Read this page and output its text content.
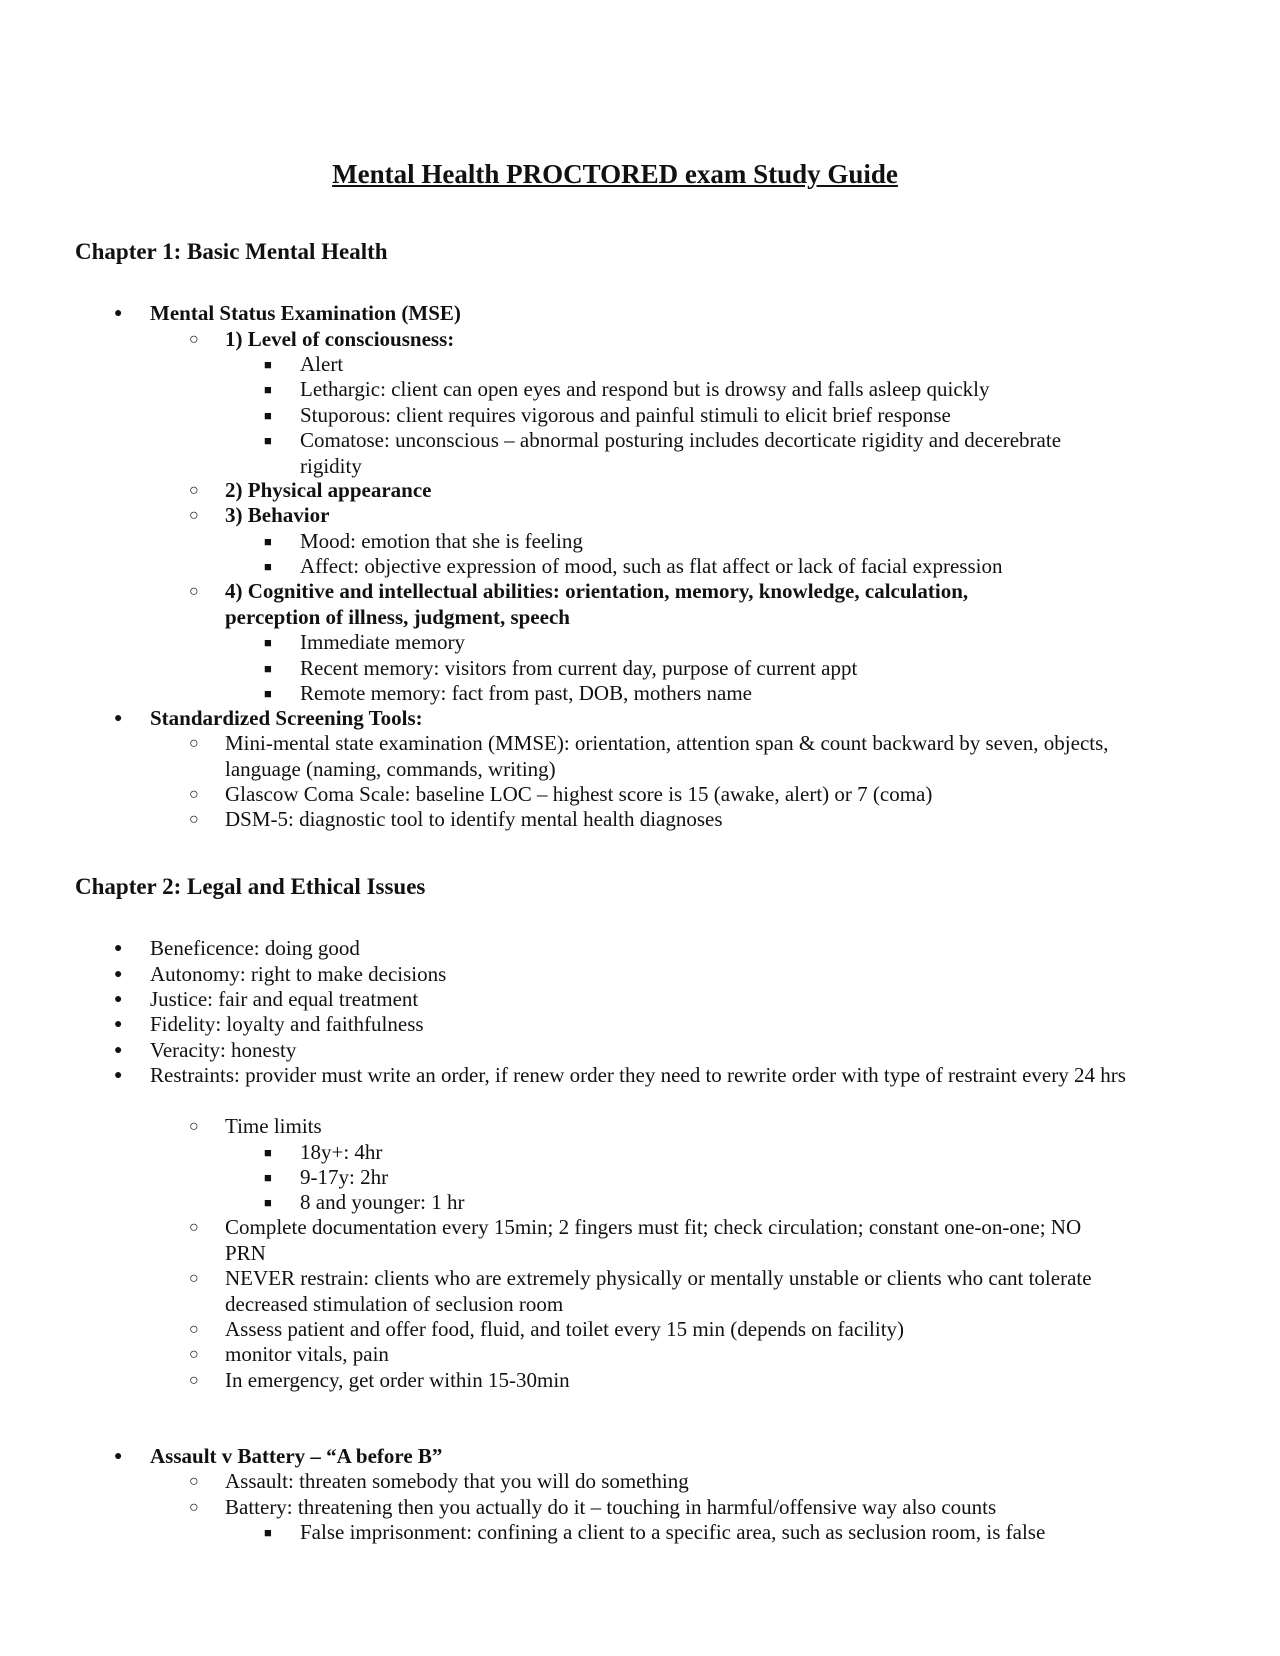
Mental Health PROCTORED exam Study Guide
Chapter 1: Basic Mental Health
● Mental Status Examination (MSE)
○ 1) Level of consciousness:
■ Alert
■ Lethargic: client can open eyes and respond but is drowsy and falls asleep quickly
■ Stuporous: client requires vigorous and painful stimuli to elicit brief response
■ Comatose: unconscious – abnormal posturing includes decorticate rigidity and decerebrate rigidity
○ 2) Physical appearance
○ 3) Behavior
■ Mood: emotion that she is feeling
■ Affect: objective expression of mood, such as flat affect or lack of facial expression
○ 4) Cognitive and intellectual abilities: orientation, memory, knowledge, calculation, perception of illness, judgment, speech
■ Immediate memory
■ Recent memory: visitors from current day, purpose of current appt
■ Remote memory: fact from past, DOB, mothers name
● Standardized Screening Tools:
○ Mini-mental state examination (MMSE): orientation, attention span & count backward by seven, objects, language (naming, commands, writing)
○ Glascow Coma Scale: baseline LOC – highest score is 15 (awake, alert) or 7 (coma)
○ DSM-5: diagnostic tool to identify mental health diagnoses
Chapter 2: Legal and Ethical Issues
● Beneficence: doing good
● Autonomy: right to make decisions
● Justice: fair and equal treatment
● Fidelity: loyalty and faithfulness
● Veracity: honesty
● Restraints: provider must write an order, if renew order they need to rewrite order with type of restraint every 24 hrs
○ Time limits
■ 18y+: 4hr
■ 9-17y: 2hr
■ 8 and younger: 1 hr
○ Complete documentation every 15min; 2 fingers must fit; check circulation; constant one-on-one; NO PRN
○ NEVER restrain: clients who are extremely physically or mentally unstable or clients who cant tolerate decreased stimulation of seclusion room
○ Assess patient and offer food, fluid, and toilet every 15 min (depends on facility)
○ monitor vitals, pain
○ In emergency, get order within 15-30min
● Assault v Battery – “A before B”
○ Assault: threaten somebody that you will do something
○ Battery: threatening then you actually do it – touching in harmful/offensive way also counts
■ False imprisonment: confining a client to a specific area, such as seclusion room, is false
